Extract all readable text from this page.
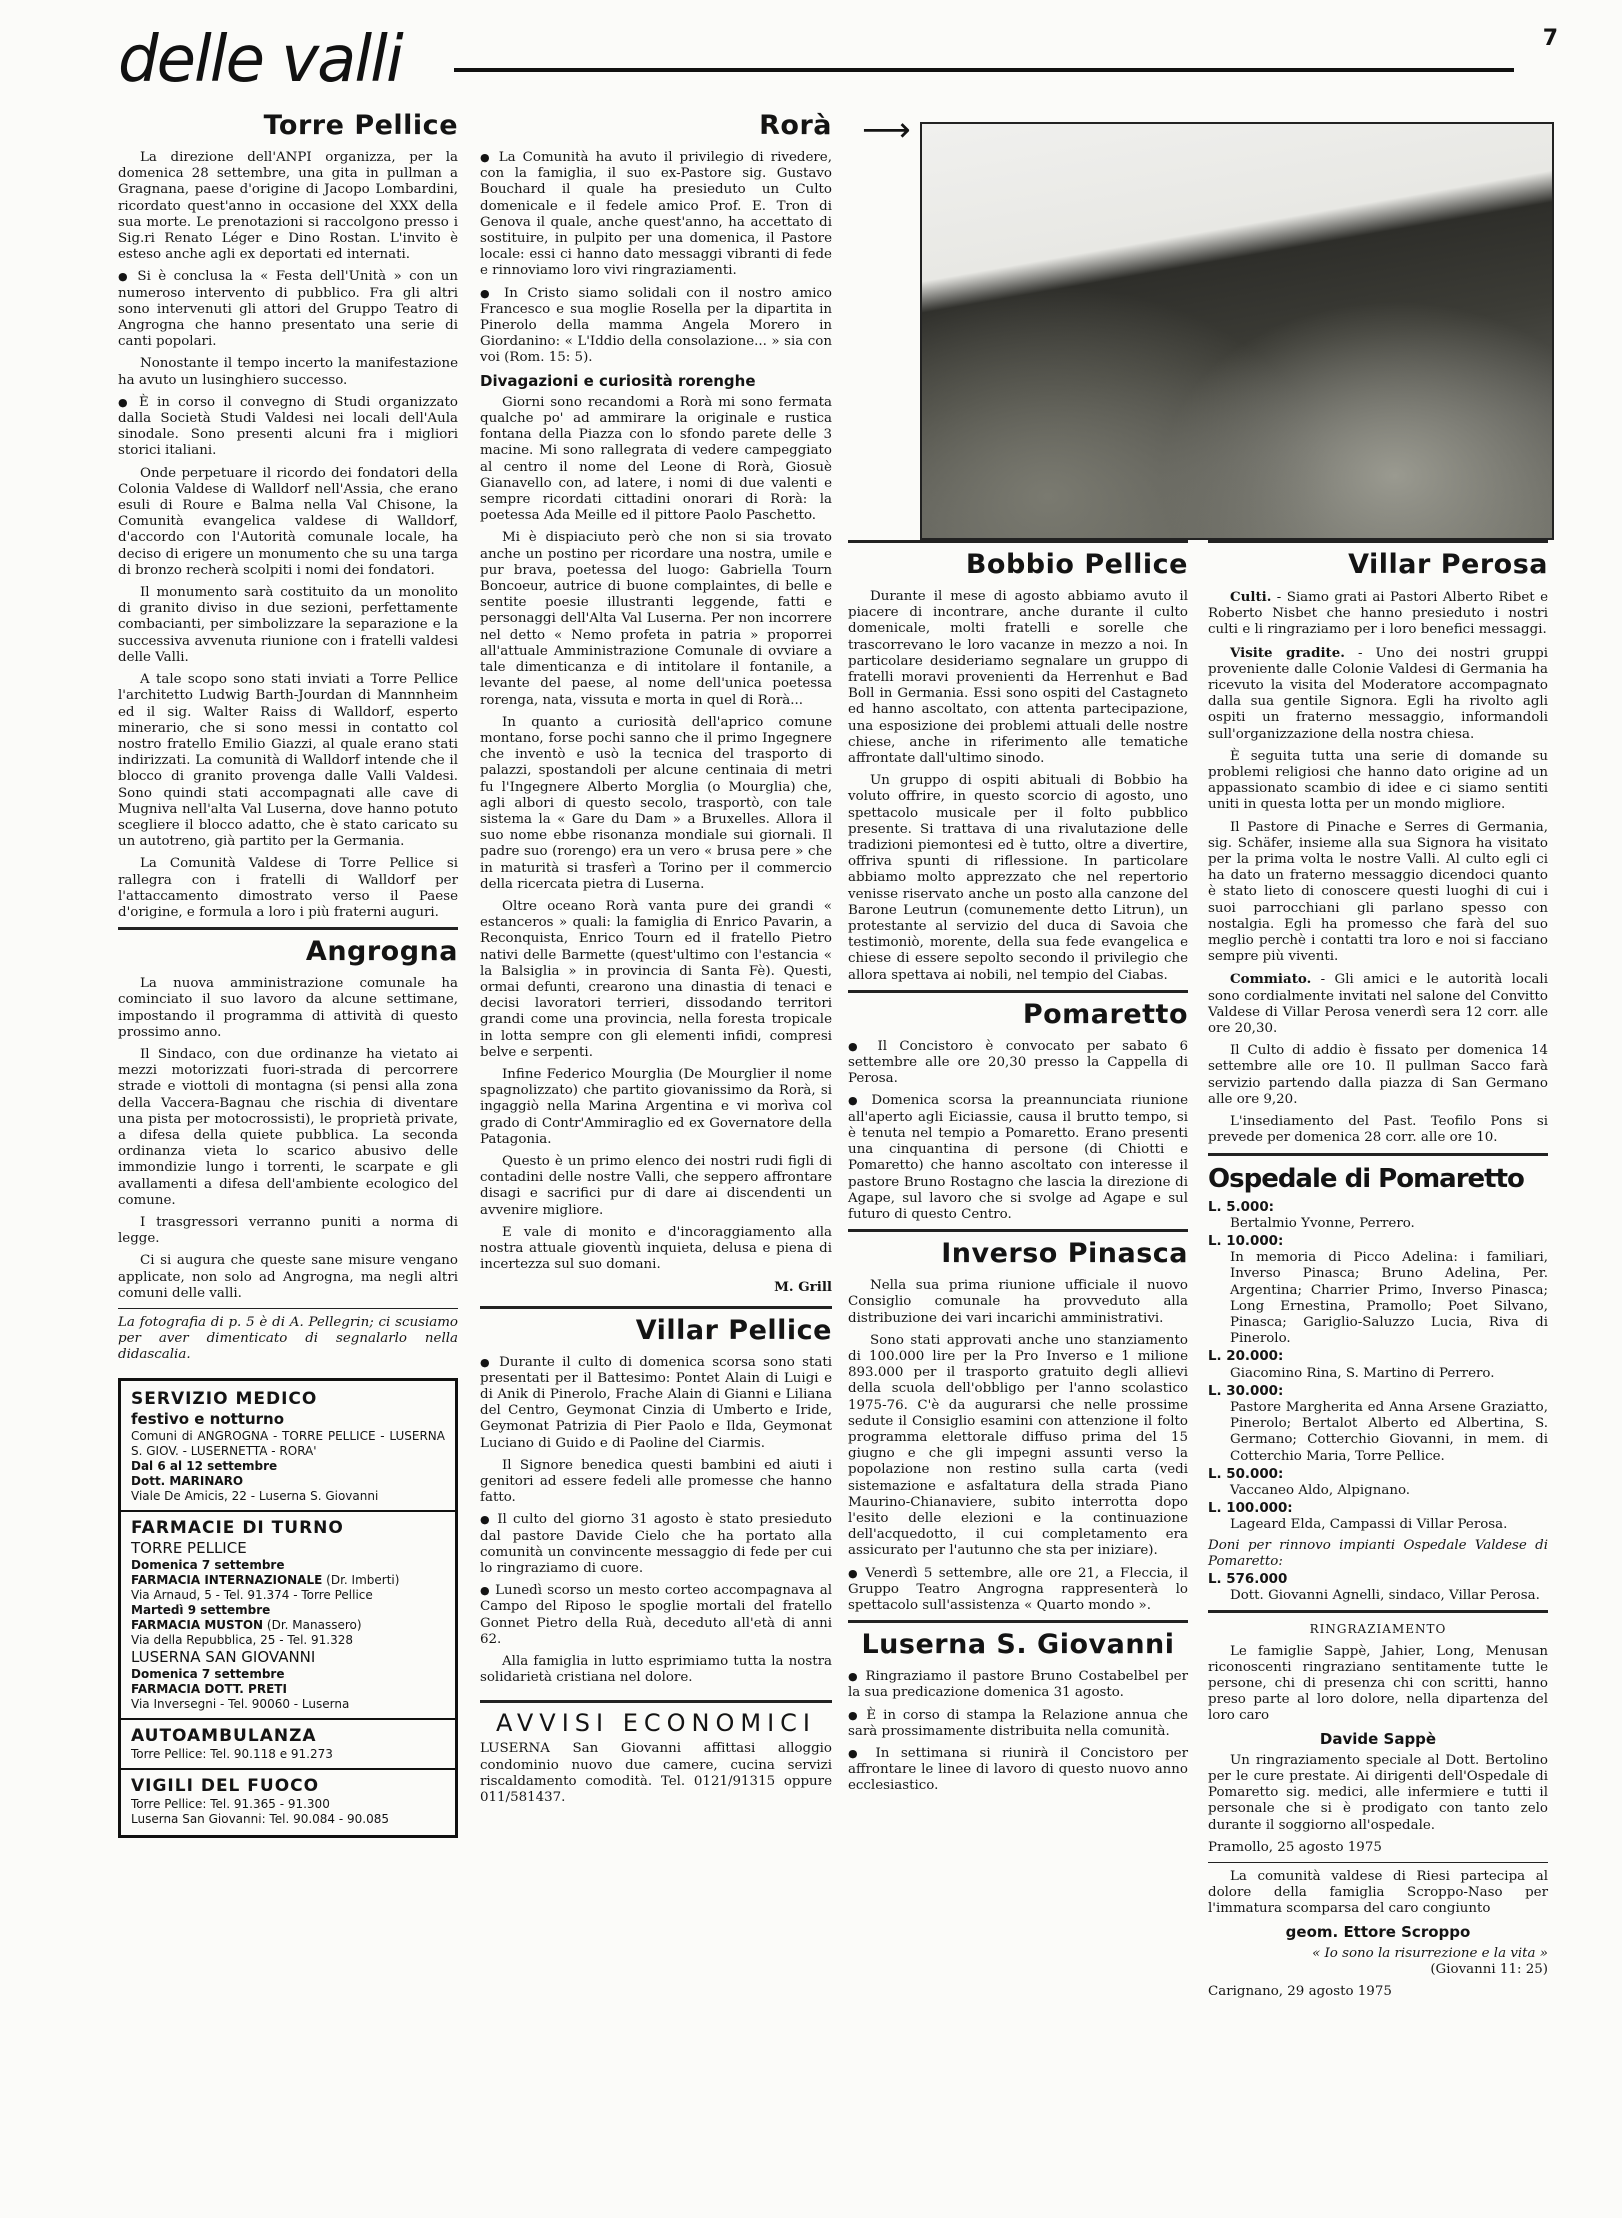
delle valli	7
Torre Pellice

La direzione dell'ANPI organizza, per la domenica 28 settembre, una gita in pullman a Gragnana, paese d'origine di Jacopo Lombardini, ricordato quest'anno in occasione del XXX della sua morte. Le prenotazioni si raccolgono presso i Sig.ri Renato Léger e Dino Rostan. L'invito è esteso anche agli ex deportati ed internati.

● Si è conclusa la « Festa dell'Unità » con un numeroso intervento di pubblico. Fra gli altri sono intervenuti gli attori del Gruppo Teatro di Angrogna che hanno presentato una serie di canti popolari.

Nonostante il tempo incerto la manifestazione ha avuto un lusinghiero successo.

● È in corso il convegno di Studi organizzato dalla Società Studi Valdesi nei locali dell'Aula sinodale. Sono presenti alcuni fra i migliori storici italiani.

Onde perpetuare il ricordo dei fondatori della Colonia Valdese di Walldorf nell'Assia, che erano esuli di Roure e Balma nella Val Chisone, la Comunità evangelica valdese di Walldorf, d'accordo con l'Autorità comunale locale, ha deciso di erigere un monumento che su una targa di bronzo recherà scolpiti i nomi dei fondatori.

Il monumento sarà costituito da un monolito di granito diviso in due sezioni, perfettamente combacianti, per simbolizzare la separazione e la successiva avvenuta riunione con i fratelli valdesi delle Valli.

A tale scopo sono stati inviati a Torre Pellice l'architetto Ludwig Barth-Jourdan di Mannnheim ed il sig. Walter Raiss di Walldorf, esperto minerario, che si sono messi in contatto col nostro fratello Emilio Giazzi, al quale erano stati indirizzati. La comunità di Walldorf intende che il blocco di granito provenga dalle Valli Valdesi. Sono quindi stati accompagnati alle cave di Mugniva nell'alta Val Luserna, dove hanno potuto scegliere il blocco adatto, che è stato caricato su un autotreno, già partito per la Germania.

La Comunità Valdese di Torre Pellice si rallegra con i fratelli di Walldorf per l'attaccamento dimostrato verso il Paese d'origine, e formula a loro i più fraterni auguri.

Angrogna

La nuova amministrazione comunale ha cominciato il suo lavoro da alcune settimane, impostando il programma di attività di questo prossimo anno.

Il Sindaco, con due ordinanze ha vietato ai mezzi motorizzati fuori-strada di percorrere strade e viottoli di montagna (si pensi alla zona della Vaccera-Bagnau che rischia di diventare una pista per motocrossisti), le proprietà private, a difesa della quiete pubblica. La seconda ordinanza vieta lo scarico abusivo delle immondizie lungo i torrenti, le scarpate e gli avallamenti a difesa dell'ambiente ecologico del comune.

I trasgressori verranno puniti a norma di legge.

Ci si augura che queste sane misure vengano applicate, non solo ad Angrogna, ma negli altri comuni delle valli.

La fotografia di p. 5 è di A. Pellegrin; ci scusiamo per aver dimenticato di segnalarlo nella didascalia.

SERVIZIO MEDICO
festivo e notturno
Comuni di ANGROGNA - TORRE PELLICE - LUSERNA S. GIOV. - LUSERNETTA - RORA'
Dal 6 al 12 settembre
Dott. MARINARO
Viale De Amicis, 22 - Luserna S. Giovanni
FARMACIE DI TURNO
TORRE PELLICE
Domenica 7 settembre
FARMACIA INTERNAZIONALE (Dr. Imberti)
Via Arnaud, 5 - Tel. 91.374 - Torre Pellice
Martedì 9 settembre
FARMACIA MUSTON (Dr. Manassero)
Via della Repubblica, 25 - Tel. 91.328
LUSERNA SAN GIOVANNI
Domenica 7 settembre
FARMACIA DOTT. PRETI
Via Inversegni - Tel. 90060 - Luserna
AUTOAMBULANZA
Torre Pellice: Tel. 90.118 e 91.273
VIGILI DEL FUOCO
Torre Pellice: Tel. 91.365 - 91.300
Luserna San Giovanni: Tel. 90.084 - 90.085
Rorà

● La Comunità ha avuto il privilegio di rivedere, con la famiglia, il suo ex-Pastore sig. Gustavo Bouchard il quale ha presieduto un Culto domenicale e il fedele amico Prof. E. Tron di Genova il quale, anche quest'anno, ha accettato di sostituire, in pulpito per una domenica, il Pastore locale: essi ci hanno dato messaggi vibranti di fede e rinnoviamo loro vivi ringraziamenti.

● In Cristo siamo solidali con il nostro amico Francesco e sua moglie Rosella per la dipartita in Pinerolo della mamma Angela Morero in Giordanino: « L'Iddio della consolazione... » sia con voi (Rom. 15: 5).

Divagazioni e curiosità rorenghe

Giorni sono recandomi a Rorà mi sono fermata qualche po' ad ammirare la originale e rustica fontana della Piazza con lo sfondo parete delle 3 macine. Mi sono rallegrata di vedere campeggiato al centro il nome del Leone di Rorà, Giosuè Gianavello con, ad latere, i nomi di due valenti e sempre ricordati cittadini onorari di Rorà: la poetessa Ada Meille ed il pittore Paolo Paschetto.

Mi è dispiaciuto però che non si sia trovato anche un postino per ricordare una nostra, umile e pur brava, poetessa del luogo: Gabriella Tourn Boncoeur, autrice di buone complaintes, di belle e sentite poesie illustranti leggende, fatti e personaggi dell'Alta Val Luserna. Per non incorrere nel detto « Nemo profeta in patria » proporrei all'attuale Amministrazione Comunale di ovviare a tale dimenticanza e di intitolare il fontanile, a levante del paese, al nome dell'unica poetessa rorenga, nata, vissuta e morta in quel di Rorà...

In quanto a curiosità dell'aprico comune montano, forse pochi sanno che il primo Ingegnere che inventò e usò la tecnica del trasporto di palazzi, spostandoli per alcune centinaia di metri fu l'Ingegnere Alberto Morglia (o Mourglia) che, agli albori di questo secolo, trasportò, con tale sistema la « Gare du Dam » a Bruxelles. Allora il suo nome ebbe risonanza mondiale sui giornali. Il padre suo (rorengo) era un vero « brusa pere » che in maturità si trasferì a Torino per il commercio della ricercata pietra di Luserna.

Oltre oceano Rorà vanta pure dei grandi « estanceros » quali: la famiglia di Enrico Pavarin, a Reconquista, Enrico Tourn ed il fratello Pietro nativi delle Barmette (quest'ultimo con l'estancia « la Balsiglia » in provincia di Santa Fè). Questi, ormai defunti, crearono una dinastia di tenaci e decisi lavoratori terrieri, dissodando territori grandi come una provincia, nella foresta tropicale in lotta sempre con gli elementi infidi, compresi belve e serpenti.

Infine Federico Mourglia (De Mourglier il nome spagnolizzato) che partito giovanissimo da Rorà, si ingaggiò nella Marina Argentina e vi morìva col grado di Contr'Ammiraglio ed ex Governatore della Patagonia.

Questo è un primo elenco dei nostri rudi figli di contadini delle nostre Valli, che seppero affrontare disagi e sacrifici pur di dare ai discendenti un avvenire migliore.

E vale di monito e d'incoraggiamento alla nostra attuale gioventù inquieta, delusa e piena di incertezza sul suo domani.

M. Grill
Villar Pellice

● Durante il culto di domenica scorsa sono stati presentati per il Battesimo: Pontet Alain di Luigi e di Anik di Pinerolo, Frache Alain di Gianni e Liliana del Centro, Geymonat Cinzia di Umberto e Iride, Geymonat Patrizia di Pier Paolo e Ilda, Geymonat Luciano di Guido e di Paoline del Ciarmis.

Il Signore benedica questi bambini ed aiuti i genitori ad essere fedeli alle promesse che hanno fatto.

● Il culto del giorno 31 agosto è stato presieduto dal pastore Davide Cielo che ha portato alla comunità un convincente messaggio di fede per cui lo ringraziamo di cuore.

● Lunedì scorso un mesto corteo accompagnava al Campo del Riposo le spoglie mortali del fratello Gonnet Pietro della Ruà, deceduto all'età di anni 62.

Alla famiglia in lutto esprimiamo tutta la nostra solidarietà cristiana nel dolore.

AVVISI ECONOMICI

LUSERNA San Giovanni affittasi alloggio condominio nuovo due camere, cucina servizi riscaldamento comodità. Tel. 0121/91315 oppure 011/581437.

⟶
Bobbio Pellice

Durante il mese di agosto abbiamo avuto il piacere di incontrare, anche durante il culto domenicale, molti fratelli e sorelle che trascorrevano le loro vacanze in mezzo a noi. In particolare desideriamo segnalare un gruppo di fratelli moravi provenienti da Herrenhut e Bad Boll in Germania. Essi sono ospiti del Castagneto ed hanno ascoltato, con attenta partecipazione, una esposizione dei problemi attuali delle nostre chiese, anche in riferimento alle tematiche affrontate dall'ultimo sinodo.

Un gruppo di ospiti abituali di Bobbio ha voluto offrire, in questo scorcio di agosto, uno spettacolo musicale per il folto pubblico presente. Si trattava di una rivalutazione delle tradizioni piemontesi ed è tutto, oltre a divertire, offriva spunti di riflessione. In particolare abbiamo molto apprezzato che nel repertorio venisse riservato anche un posto alla canzone del Barone Leutrun (comunemente detto Litrun), un protestante al servizio del duca di Savoia che testimoniò, morente, della sua fede evangelica e chiese di essere sepolto secondo il privilegio che allora spettava ai nobili, nel tempio del Ciabas.

Pomaretto

● Il Concistoro è convocato per sabato 6 settembre alle ore 20,30 presso la Cappella di Perosa.

● Domenica scorsa la preannunciata riunione all'aperto agli Eiciassie, causa il brutto tempo, si è tenuta nel tempio a Pomaretto. Erano presenti una cinquantina di persone (di Chiotti e Pomaretto) che hanno ascoltato con interesse il pastore Bruno Rostagno che lascia la direzione di Agape, sul lavoro che si svolge ad Agape e sul futuro di questo Centro.

Inverso Pinasca

Nella sua prima riunione ufficiale il nuovo Consiglio comunale ha provveduto alla distribuzione dei vari incarichi amministrativi.

Sono stati approvati anche uno stanziamento di 100.000 lire per la Pro Inverso e 1 milione 893.000 per il trasporto gratuito degli allievi della scuola dell'obbligo per l'anno scolastico 1975-76. C'è da augurarsi che nelle prossime sedute il Consiglio esamini con attenzione il folto programma elettorale diffuso prima del 15 giugno e che gli impegni assunti verso la popolazione non restino sulla carta (vedi sistemazione e asfaltatura della strada Piano Maurino-Chianaviere, subito interrotta dopo l'esito delle elezioni e la continuazione dell'acquedotto, il cui completamento era assicurato per l'autunno che sta per iniziare).

● Venerdì 5 settembre, alle ore 21, a Fleccia, il Gruppo Teatro Angrogna rappresenterà lo spettacolo sull'assistenza « Quarto mondo ».

Luserna S. Giovanni

● Ringraziamo il pastore Bruno Costabelbel per la sua predicazione domenica 31 agosto.

● È in corso di stampa la Relazione annua che sarà prossimamente distribuita nella comunità.

● In settimana si riunirà il Concistoro per affrontare le linee di lavoro di questo nuovo anno ecclesiastico.

Villar Perosa

Culti. - Siamo grati ai Pastori Alberto Ribet e Roberto Nisbet che hanno presieduto i nostri culti e li ringraziamo per i loro benefici messaggi.

Visite gradite. - Uno dei nostri gruppi proveniente dalle Colonie Valdesi di Germania ha ricevuto la visita del Moderatore accompagnato dalla sua gentile Signora. Egli ha rivolto agli ospiti un fraterno messaggio, informandoli sull'organizzazione della nostra chiesa.

È seguita tutta una serie di domande su problemi religiosi che hanno dato origine ad un appassionato scambio di idee e ci siamo sentiti uniti in questa lotta per un mondo migliore.

Il Pastore di Pinache e Serres di Germania, sig. Schäfer, insieme alla sua Signora ha visitato per la prima volta le nostre Valli. Al culto egli ci ha dato un fraterno messaggio dicendoci quanto è stato lieto di conoscere questi luoghi di cui i suoi parrocchiani gli parlano spesso con nostalgia. Egli ha promesso che farà del suo meglio perchè i contatti tra loro e noi si facciano sempre più viventi.

Commiato. - Gli amici e le autorità locali sono cordialmente invitati nel salone del Convitto Valdese di Villar Perosa venerdì sera 12 corr. alle ore 20,30.

Il Culto di addio è fissato per domenica 14 settembre alle ore 10. Il pullman Sacco farà servizio partendo dalla piazza di San Germano alle ore 9,20.

L'insediamento del Past. Teofilo Pons si prevede per domenica 28 corr. alle ore 10.

Ospedale di Pomaretto

L. 5.000:
Bertalmio Yvonne, Perrero.

L. 10.000:
In memoria di Picco Adelina: i familiari, Inverso Pinasca; Bruno Adelina, Per. Argentina; Charrier Primo, Inverso Pinasca; Long Ernestina, Pramollo; Poet Silvano, Pinasca; Gariglio-Saluzzo Lucia, Riva di Pinerolo.

L. 20.000:
Giacomino Rina, S. Martino di Perrero.

L. 30.000:
Pastore Margherita ed Anna Arsene Graziatto, Pinerolo; Bertalot Alberto ed Albertina, S. Germano; Cotterchio Giovanni, in mem. di Cotterchio Maria, Torre Pellice.

L. 50.000:
Vaccaneo Aldo, Alpignano.

L. 100.000:
Lageard Elda, Campassi di Villar Perosa.

Doni per rinnovo impianti Ospedale Valdese di Pomaretto:

L. 576.000
Dott. Giovanni Agnelli, sindaco, Villar Perosa.

RINGRAZIAMENTO

Le famiglie Sappè, Jahier, Long, Menusan riconoscenti ringraziano sentitamente tutte le persone, chi di presenza chi con scritti, hanno preso parte al loro dolore, nella dipartenza del loro caro

Davide Sappè

Un ringraziamento speciale al Dott. Bertolino per le cure prestate. Ai dirigenti dell'Ospedale di Pomaretto sig. medici, alle infermiere e tutti il personale che si è prodigato con tanto zelo durante il soggiorno all'ospedale.

Pramollo, 25 agosto 1975

La comunità valdese di Riesi partecipa al dolore della famiglia Scroppo-Naso per l'immatura scomparsa del caro congiunto

geom. Ettore Scroppo

« Io sono la risurrezione e la vita »

(Giovanni 11: 25)

Carignano, 29 agosto 1975
